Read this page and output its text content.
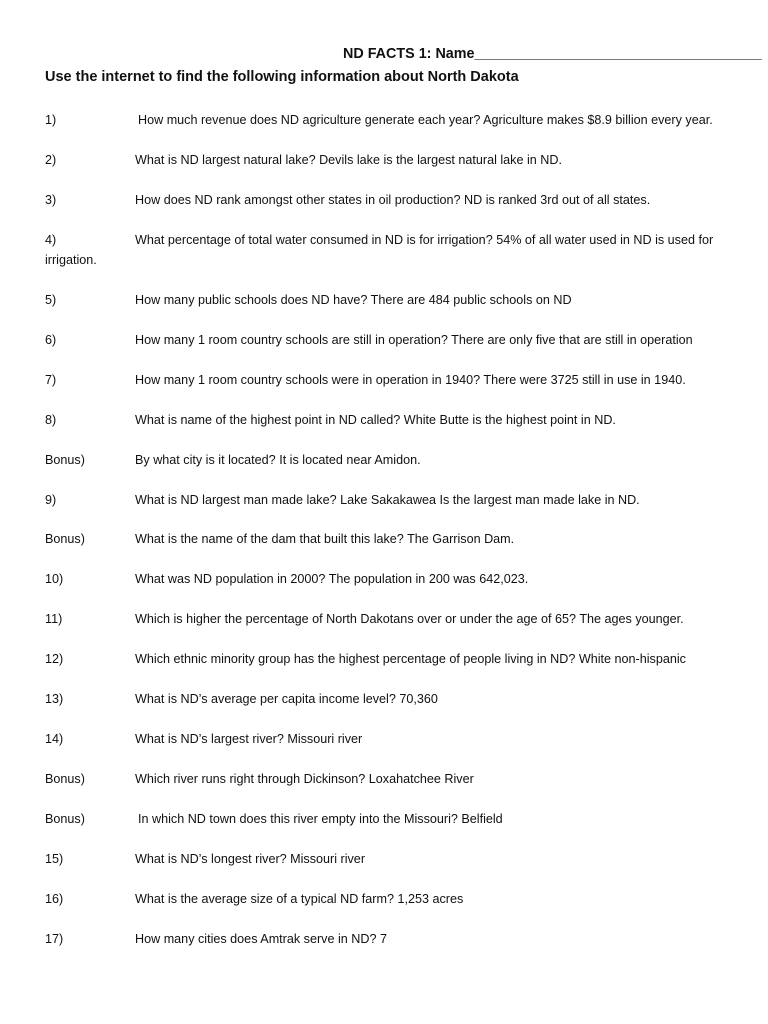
ND FACTS 1: Name____________________________________
Use the internet to find the following information about North Dakota
1)	How much revenue does ND agriculture generate each year? Agriculture makes $8.9 billion every year.
2)	What is ND largest natural lake? Devils lake is the largest natural lake in ND.
3)	How does ND rank amongst other states in oil production? ND is ranked 3rd out of all states.
4)	What percentage of total water consumed in ND is for irrigation? 54% of all water used in ND is used for
irrigation.
5)	How many public schools does ND have? There are 484 public schools on ND
6)	How many 1 room country schools are still in operation? There are only five that are still in operation
7)	How many 1 room country schools were in operation in 1940? There were 3725 still in use in 1940.
8)	What is name of the highest point in ND called? White Butte is the highest point in ND.
Bonus)	By what city is it located? It is located near Amidon.
9)	What is ND largest man made lake? Lake Sakakawea Is the largest man made lake in ND.
Bonus)	What is the name of the dam that built this lake? The Garrison Dam.
10)	What was ND population in 2000? The population in 200 was 642,023.
11)	Which is higher the percentage of North Dakotans over or under the age of 65? The ages younger.
12)	Which ethnic minority group has the highest percentage of people living in ND? White non-hispanic
13)	What is ND’s average per capita income level? 70,360
14)	What is ND’s largest river? Missouri river
Bonus)	Which river runs right through Dickinson? Loxahatchee River
Bonus)	In which ND town does this river empty into the Missouri? Belfield
15)	What is ND’s longest river? Missouri river
16)	What is the average size of a typical ND farm? 1,253 acres
17)	How many cities does Amtrak serve in ND? 7
